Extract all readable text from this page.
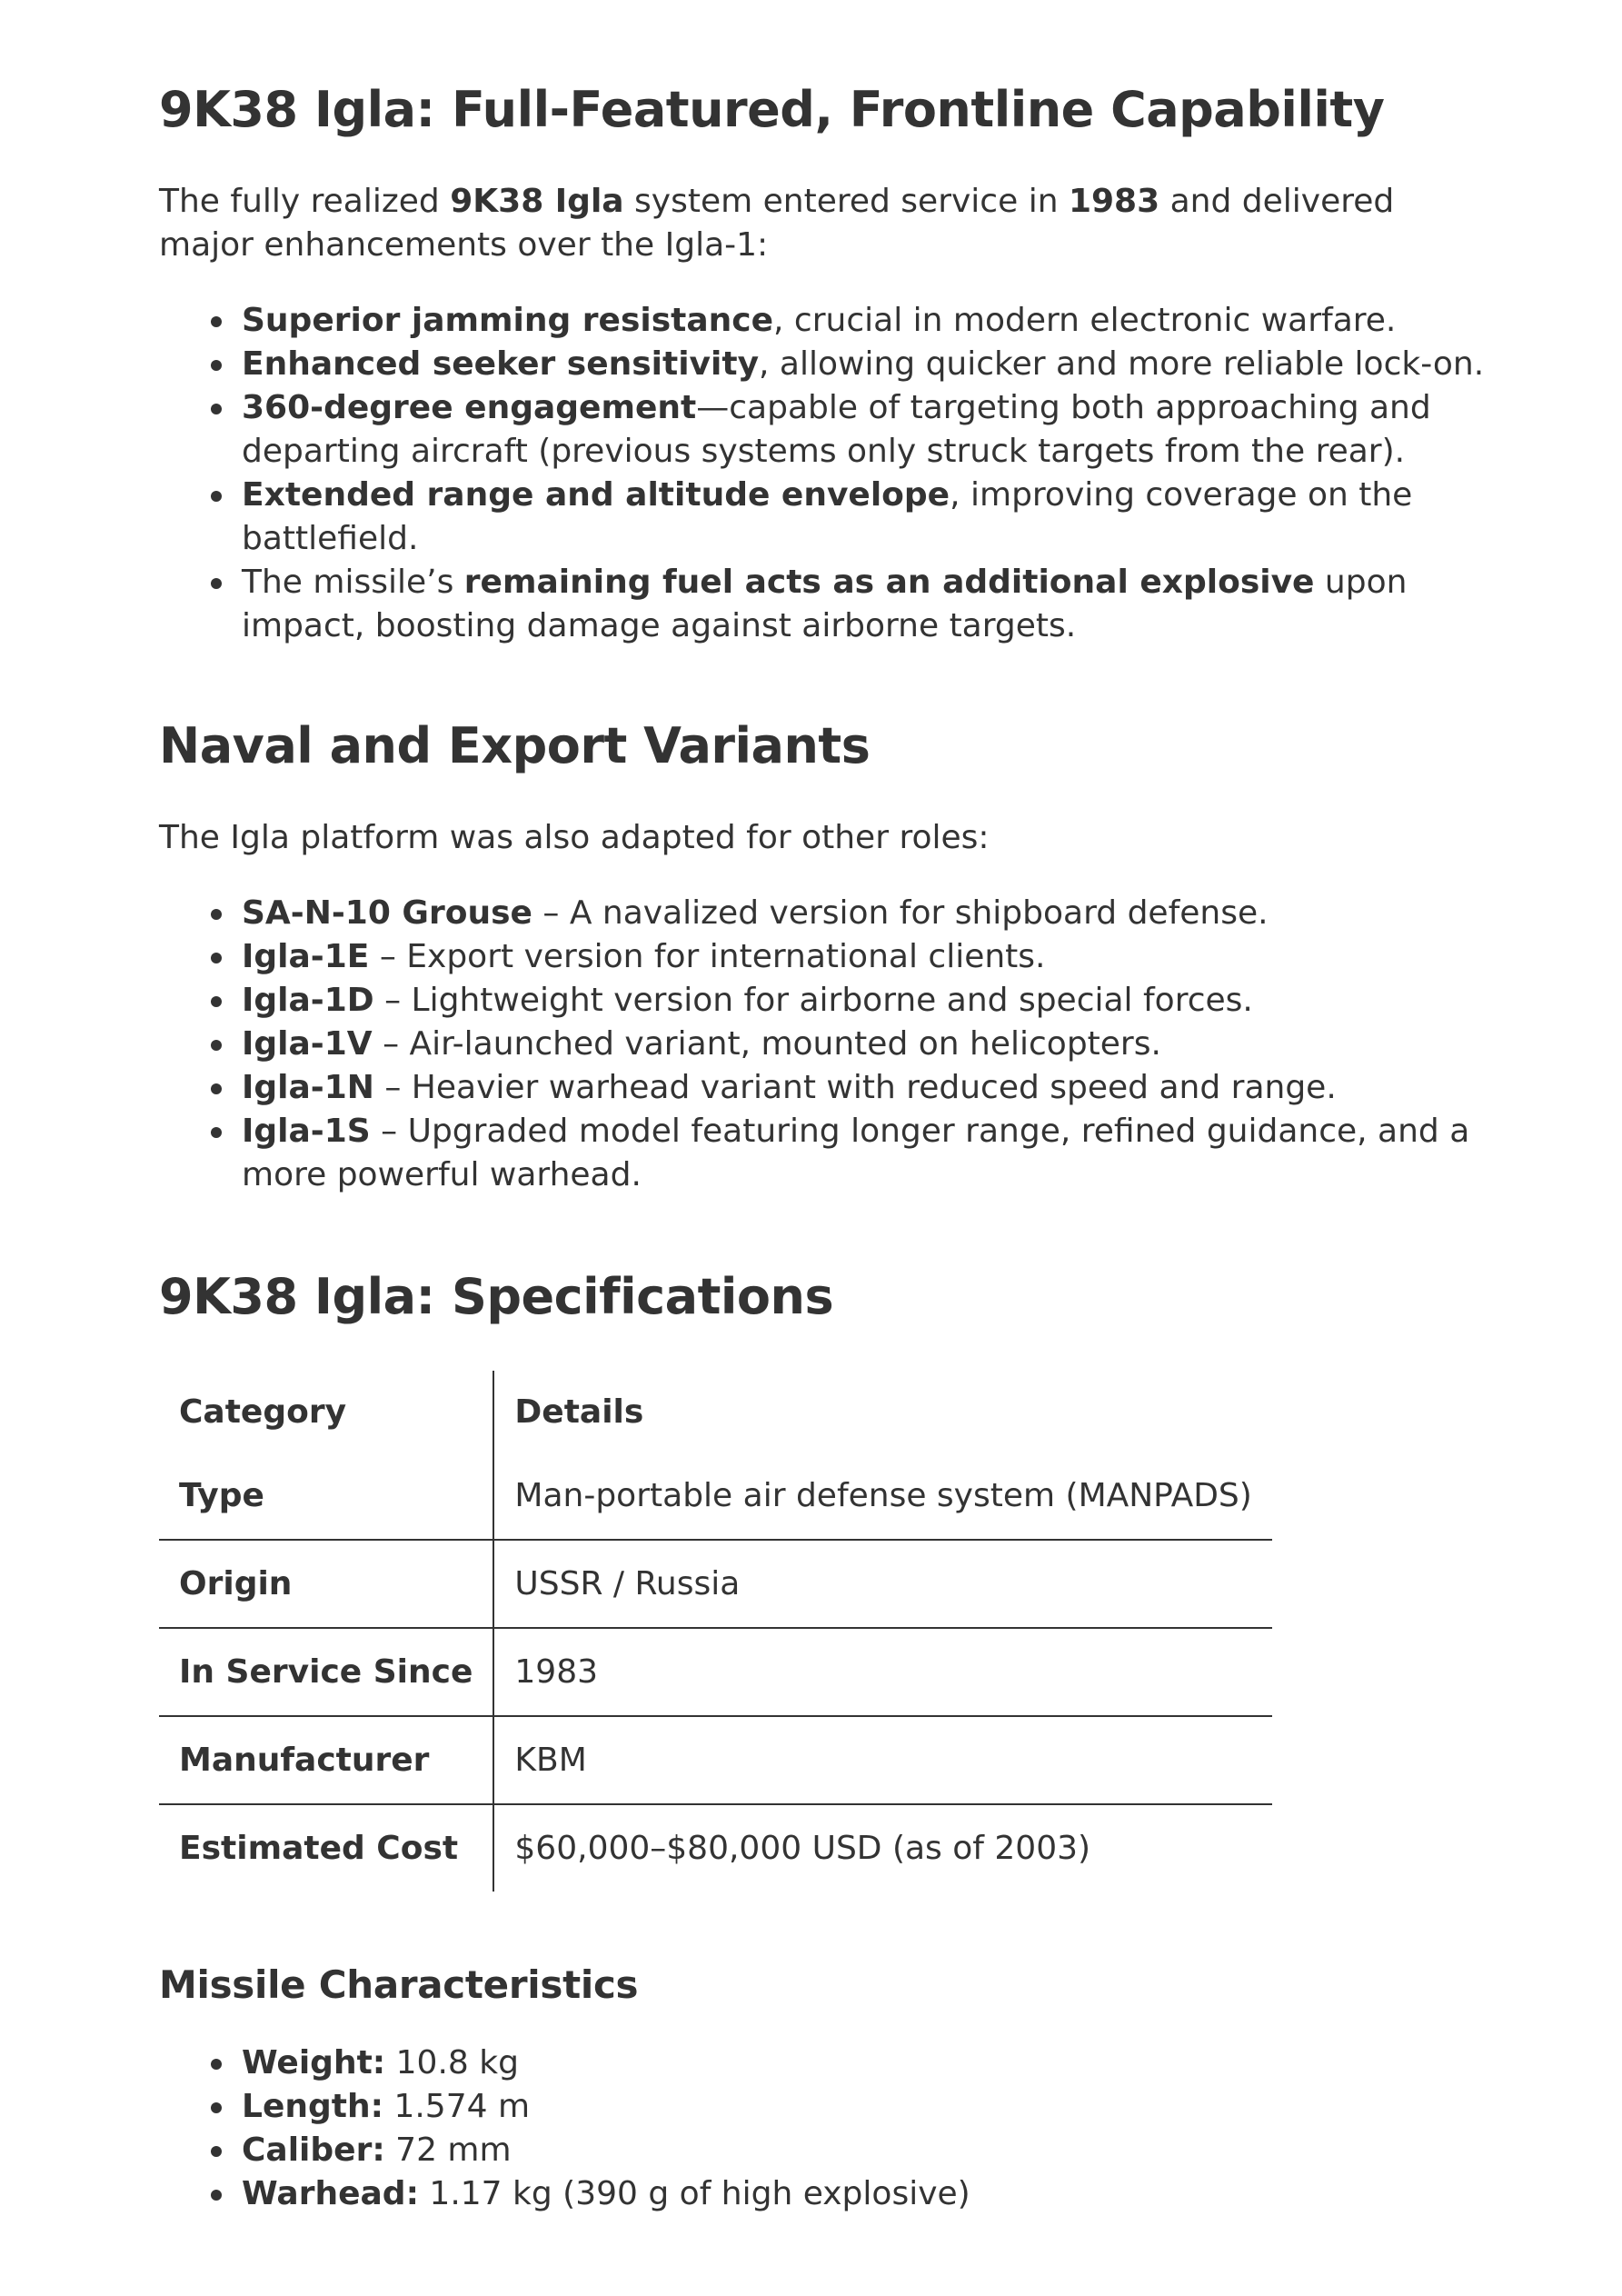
9K38 Igla: Full-Featured, Frontline Capability

The fully realized 9K38 Igla system entered service in 1983 and delivered major enhancements over the Igla-1:

Superior jamming resistance, crucial in modern electronic warfare.
Enhanced seeker sensitivity, allowing quicker and more reliable lock-on.
360-degree engagement—capable of targeting both approaching and departing aircraft (previous systems only struck targets from the rear).
Extended range and altitude envelope, improving coverage on the battlefield.
The missile’s remaining fuel acts as an additional explosive upon impact, boosting damage against airborne targets.
Naval and Export Variants

The Igla platform was also adapted for other roles:

SA-N-10 Grouse – A navalized version for shipboard defense.
Igla-1E – Export version for international clients.
Igla-1D – Lightweight version for airborne and special forces.
Igla-1V – Air-launched variant, mounted on helicopters.
Igla-1N – Heavier warhead variant with reduced speed and range.
Igla-1S – Upgraded model featuring longer range, refined guidance, and a more powerful warhead.
9K38 Igla: Specifications
Category	Details
Type	Man-portable air defense system (MANPADS)
Origin	USSR / Russia
In Service Since	1983
Manufacturer	KBM
Estimated Cost	$60,000–$80,000 USD (as of 2003)
Missile Characteristics
Weight: 10.8 kg
Length: 1.574 m
Caliber: 72 mm
Warhead: 1.17 kg (390 g of high explosive)
